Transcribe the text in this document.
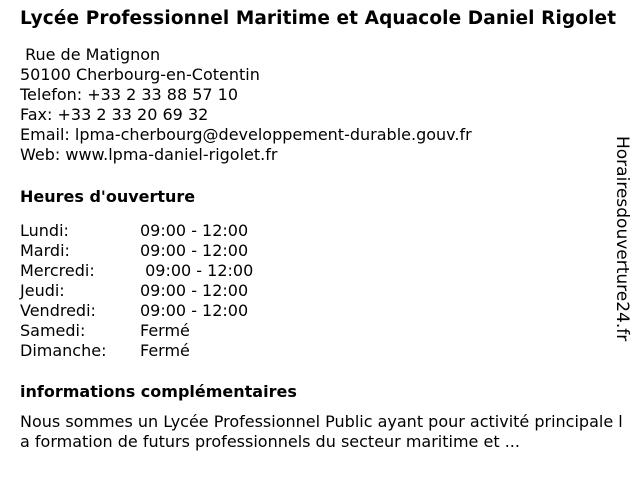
Lycée Professionnel Maritime et Aquacole Daniel Rigolet
Rue de Matignon
50100 Cherbourg-en-Cotentin
Telefon: +33 2 33 88 57 10
Fax: +33 2 33 20 69 32
Email: lpma-cherbourg@developpement-durable.gouv.fr
Web: www.lpma-daniel-rigolet.fr
Heures d'ouverture
Lundi:	09:00 - 12:00
Mardi:	09:00 - 12:00
Mercredi:	09:00 - 12:00
Jeudi:	09:00 - 12:00
Vendredi:	09:00 - 12:00
Samedi:	Fermé
Dimanche:	Fermé
informations complémentaires
Nous sommes un Lycée Professionnel Public ayant pour activité principale la formation de futurs professionnels du secteur maritime et ...
Horairesdouverture24.fr
